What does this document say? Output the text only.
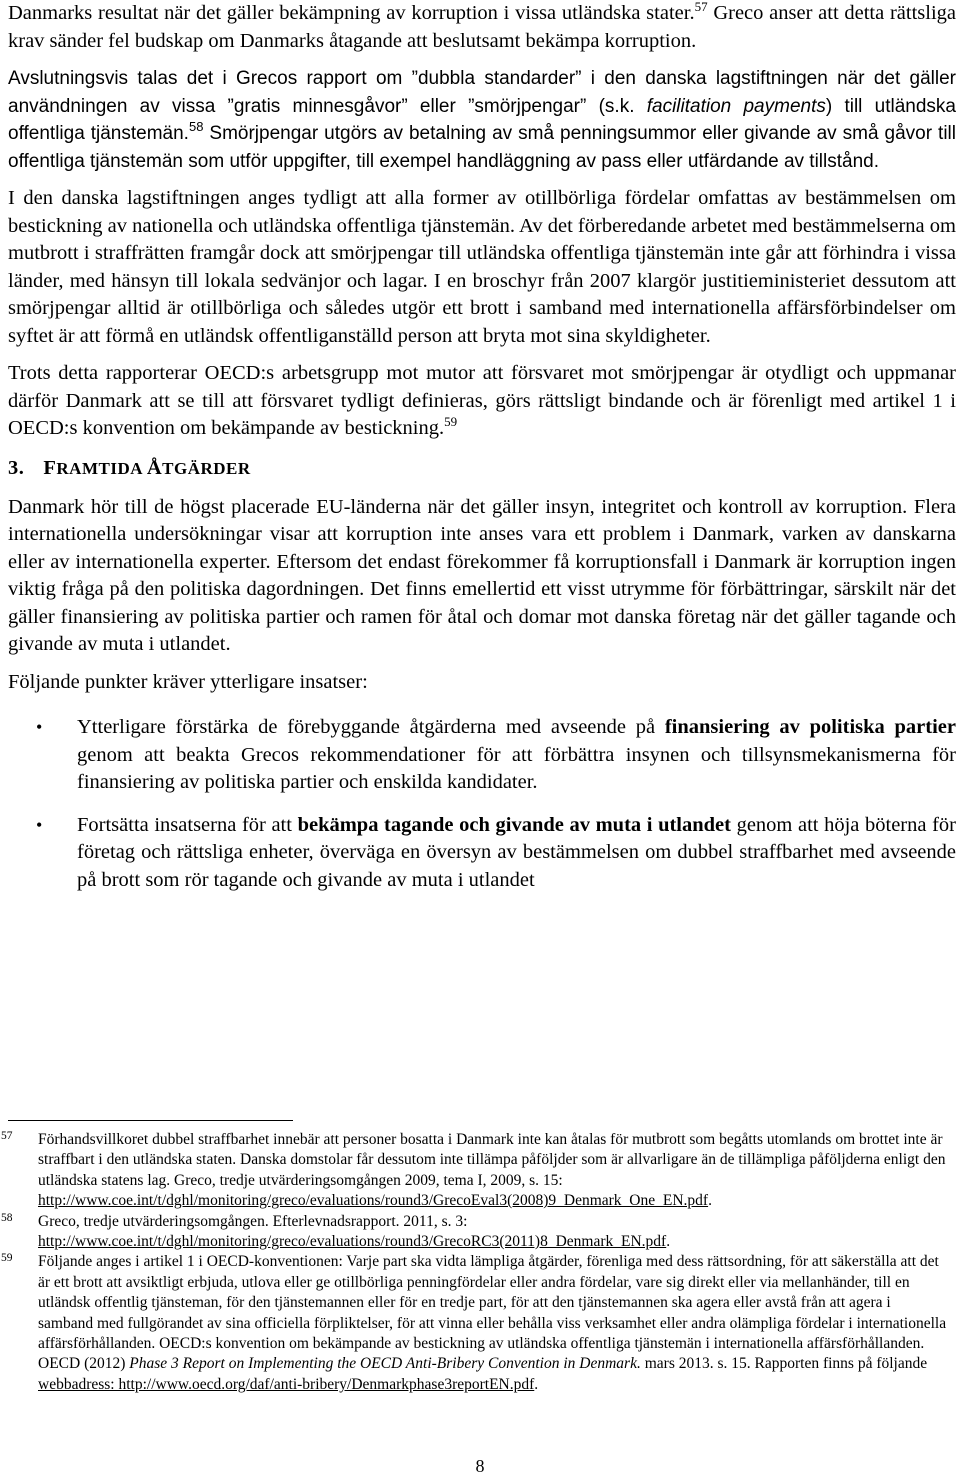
Danmarks resultat när det gäller bekämpning av korruption i vissa utländska stater.$^{57}$ Greco anser att detta rättsliga krav sänder fel budskap om Danmarks åtagande att beslutsamt bekämpa korruption.

Avslutningsvis talas det i Grecos rapport om ”dubbla standarder” i den danska lagstiftningen när det gäller användningen av vissa ”gratis minnesgåvor” eller ”smörjpengar” (s.k. facilitation payments) till utländska offentliga tjänstemän.$^{58}$ Smörjpengar utgörs av betalning av små penningsummor eller givande av små gåvor till offentliga tjänstemän som utför uppgifter, till exempel handläggning av pass eller utfärdande av tillstånd.

I den danska lagstiftningen anges tydligt att alla former av otillbörliga fördelar omfattas av bestämmelsen om bestickning av nationella och utländska offentliga tjänstemän. Av det förberedande arbetet med bestämmelserna om mutbrott i straffrätten framgår dock att smörjpengar till utländska offentliga tjänstemän inte går att förhindra i vissa länder, med hänsyn till lokala sedvänjor och lagar. I en broschyr från 2007 klargör justitieministeriet dessutom att smörjpengar alltid är otillbörliga och således utgör ett brott i samband med internationella affärsförbindelser om syftet är att förmå en utländsk offentliganställd person att bryta mot sina skyldigheter.

Trots detta rapporterar OECD:s arbetsgrupp mot mutor att försvaret mot smörjpengar är otydligt och uppmanar därför Danmark att se till att försvaret tydligt definieras, görs rättsligt bindande och är förenligt med artikel 1 i OECD:s konvention om bekämpande av bestickning.$^{59}$

3. FRAMTIDA ÅTGÄRDER

Danmark hör till de högst placerade EU-länderna när det gäller insyn, integritet och kontroll av korruption. Flera internationella undersökningar visar att korruption inte anses vara ett problem i Danmark, varken av danskarna eller av internationella experter. Eftersom det endast förekommer få korruptionsfall i Danmark är korruption ingen viktig fråga på den politiska dagordningen. Det finns emellertid ett visst utrymme för förbättringar, särskilt när det gäller finansiering av politiska partier och ramen för åtal och domar mot danska företag när det gäller tagande och givande av muta i utlandet.

Följande punkter kräver ytterligare insatser:

• Ytterligare förstärka de förebyggande åtgärderna med avseende på finansiering av politiska partier genom att beakta Grecos rekommendationer för att förbättra insynen och tillsynsmekanismerna för finansiering av politiska partier och enskilda kandidater.
• Fortsätta insatserna för att bekämpa tagande och givande av muta i utlandet genom att höja böterna för företag och rättsliga enheter, överväga en översyn av bestämmelsen om dubbel straffbarhet med avseende på brott som rör tagande och givande av muta i utlandet
57 Förhandsvillkoret dubbel straffbarhet innebär att personer bosatta i Danmark inte kan åtalas för mutbrott som begåtts utomlands om brottet inte är straffbart i den utländska staten. Danska domstolar får dessutom inte tillämpa påföljder som är allvarligare än de tillämpliga påföljderna enligt den utländska statens lag. Greco, tredje utvärderingsomgången 2009, tema I, 2009, s. 15: http://www.coe.int/t/dghl/monitoring/greco/evaluations/round3/GrecoEval3(2008)9_Denmark_One_EN.pdf.
58 Greco, tredje utvärderingsomgången. Efterlevnadsrapport. 2011, s. 3: http://www.coe.int/t/dghl/monitoring/greco/evaluations/round3/GrecoRC3(2011)8_Denmark_EN.pdf.
59 Följande anges i artikel 1 i OECD-konventionen: Varje part ska vidta lämpliga åtgärder, förenliga med dess rättsordning, för att säkerställa att det är ett brott att avsiktligt erbjuda, utlova eller ge otillbörliga penningfördelar eller andra fördelar, vare sig direkt eller via mellanhänder, till en utländsk offentlig tjänsteman, för den tjänstemannen eller för en tredje part, för att den tjänstemannen ska agera eller avstå från att agera i samband med fullgörandet av sina officiella förpliktelser, för att vinna eller behålla viss verksamhet eller andra olämpliga fördelar i internationella affärsförhållanden. OECD:s konvention om bekämpande av bestickning av utländska offentliga tjänstemän i internationella affärsförhållanden. OECD (2012) Phase 3 Report on Implementing the OECD Anti-Bribery Convention in Denmark. mars 2013. s. 15. Rapporten finns på följande webbadress: http://www.oecd.org/daf/anti-bribery/Denmarkphase3reportEN.pdf.
8
